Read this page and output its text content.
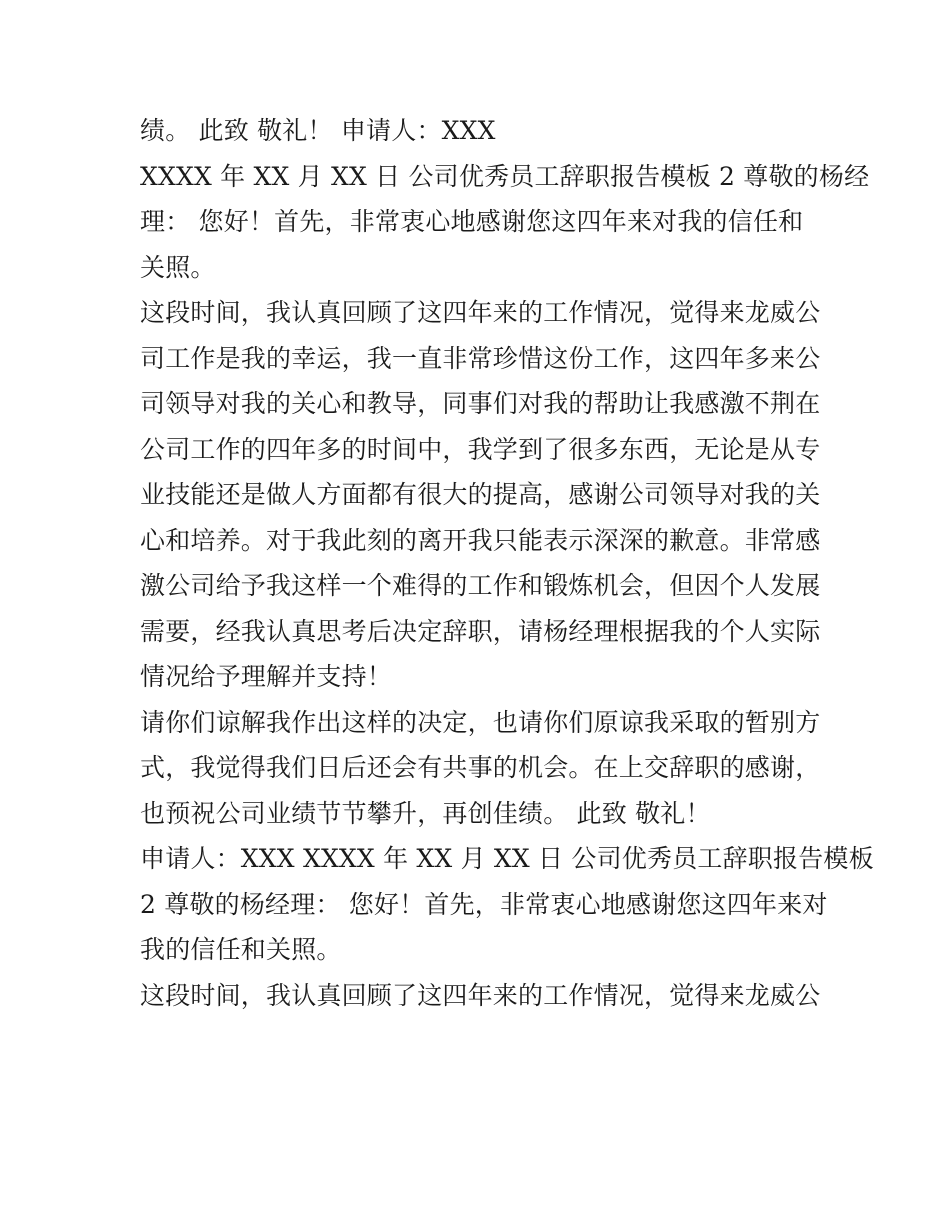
绩。 此致 敬礼！ 申请人：XXX
XXXX 年 XX 月 XX 日 公司优秀员工辞职报告模板 2 尊敬的杨经
理： 您好！首先，非常衷心地感谢您这四年来对我的信任和
关照。
这段时间，我认真回顾了这四年来的工作情况，觉得来龙威公
司工作是我的幸运，我一直非常珍惜这份工作，这四年多来公
司领导对我的关心和教导，同事们对我的帮助让我感激不荆在
公司工作的四年多的时间中，我学到了很多东西，无论是从专
业技能还是做人方面都有很大的提高，感谢公司领导对我的关
心和培养。对于我此刻的离开我只能表示深深的歉意。非常感
激公司给予我这样一个难得的工作和锻炼机会，但因个人发展
需要，经我认真思考后决定辞职，请杨经理根据我的个人实际
情况给予理解并支持！
请你们谅解我作出这样的决定，也请你们原谅我采取的暂别方
式，我觉得我们日后还会有共事的机会。在上交辞职的感谢，
也预祝公司业绩节节攀升，再创佳绩。 此致 敬礼！
申请人：XXX XXXX 年 XX 月 XX 日 公司优秀员工辞职报告模板
2 尊敬的杨经理： 您好！首先，非常衷心地感谢您这四年来对
我的信任和关照。
这段时间，我认真回顾了这四年来的工作情况，觉得来龙威公
